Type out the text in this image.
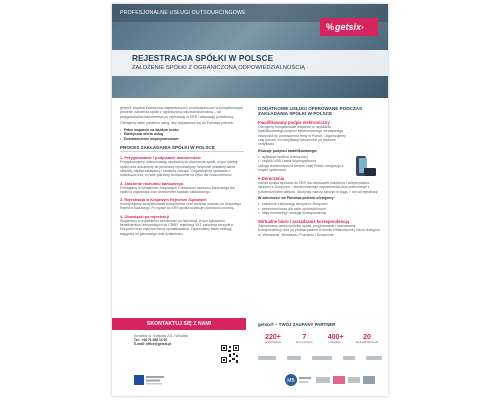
PROFESJONALNE USŁUGI OUTSOURCINGOWE
% getsix ®
REJESTRACJA SPÓŁKI W POLSCE
ZAŁOŻENIE SPÓŁKI Z OGRANICZONĄ ODPOWIEDZIALNOŚCIĄ
getsix® wspiera inwestorów zagranicznych i przedsiębiorców w kompleksowym procesie założenia spółki z ograniczoną odpowiedzialnością – od przygotowania dokumentów po rejestrację w KRS i aktywację podatkową.
Oferujemy wiele pakietów usług, aby dopasować się do Państwa potrzeb:
• Pełne wsparcie na każdym kroku
• Elastyczna oferta usług
• Doświadczenie międzynarodowe
PROCES ZAKŁADANIA SPÓŁKI W POLSCE
1. Przygotowanie i podpisanie dokumentów
Przygotowujemy dokumentację niezbędną do utworzenia spółki, w tym umowę spółki oraz dokumenty do procedury rejestracyjnej. Wspólnie ustalamy adres siedziby, kapitał zakładowy i strukturę zarządu. Organizujemy spotkanie u notariusza oraz, w razie potrzeby, tłumaczenie na żywo dla cudzoziemców.
2. Założenie rachunku bankowego
Pomagamy w działaniach związanych z otwarciem rachunku bankowego dla spółki w organizacji oraz wniesieniem kapitału zakładowego.
3. Rejestracja w Krajowym Rejestrze Sądowym
Koordynujemy kompletowanie dokumentów oraz złożenie wniosku do Krajowego Rejestru Sądowego. Po wpisie do KRS spółka uzyskuje osobowość prawną.
4. Obowiązki po rejestracji
Wspieramy w dopełnieniu formalności po rejestracji, w tym zgłoszeniu beneficjentów rzeczywistych do CRBR, rejestracji VAT, założeniu skrzynki e-Doręczeń oraz wyborze formy opodatkowania. Zapewniamy także obsługę księgową od pierwszego dnia działalności.
DODATKOWE USŁUGI OFEROWANE PODCZAS ZAKŁADANIA SPÓŁKI W POLSCE
Kwalifikowany podpis elektroniczny
Oferujemy kompleksowe wsparcie w uzyskaniu kwalifikowanego podpisu elektronicznego niezbędnego narzędzia do prowadzenia firmy w Polsce. Organizujemy cały proces: od weryfikacji tożsamości po wydanie certyfikatu.
Rodzaje podpisu kwalifikowanego:
• aplikacja mobilna (chmurowy)
• czytnik USB i karta kryptograficzna
Usługa realizowana na terenie całej Polski, integracja z innymi systemami.
e-Doręczenia
Każda spółka wpisana do KRS ma obowiązek założenia i utrzymywania skrzynki e-Doręczeń – elektronicznego odpowiednika listu poleconego z potwierdzeniem odbioru. Skrzynkę należy założyć w ciągu 7 dni od rejestracji.
W zależności od Państwa potrzeb oferujemy:
• założenie i aktywację skrzynki e-Doręczeń
• pełnomocnictwa dla osób upoważnionych
• stały monitoring i obsługę korespondencji
Wirtualne biuro i zarządzanie korespondencją
Zapewniamy adres siedziby spółki, przyjmowanie i skanowanie korespondencji oraz jej przekazywanie w formie elektronicznej. Biura dostępne w: Warszawie, Wrocławiu, Poznaniu i Szczecinie.
SKONTAKTUJ SIĘ Z NAMI
Siedziba: ul. Kolejowa 221 / Wrocław
Tel.: +48 71 388 13 00
E-mail: office@getsix.pl
getsix® – TWÓJ ZAUFANY PARTNER
220+
pracowników
7
biur w Polsce
400+
klientów
20
lat doświadczenia
MB
